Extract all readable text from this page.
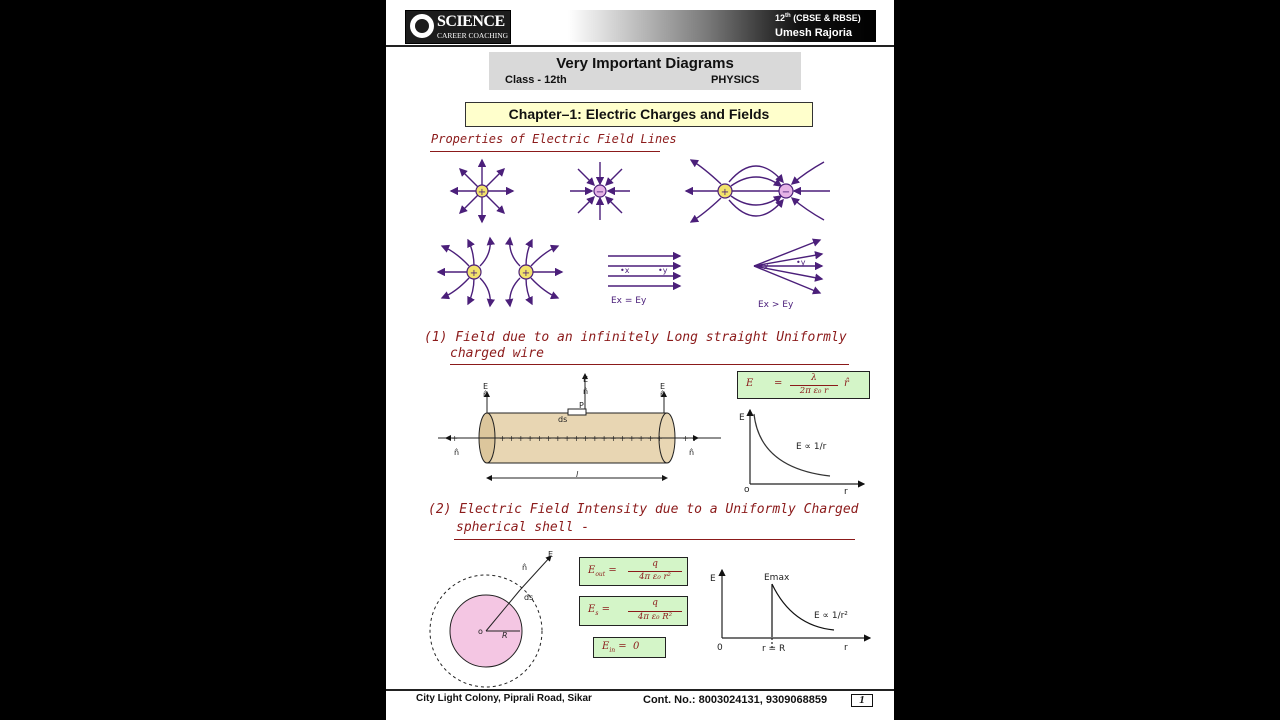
SCIENCE
CAREER COACHING
12th (CBSE & RBSE)
Umesh Rajoria
Very Important Diagrams
Class - 12th	PHYSICS
Chapter–1: Electric Charges and Fields
Properties of Electric Field Lines
+	−	+	−
+	+	•x	•y	•x	•y
- +	+ + + + + + + + + + + + + + + + + + + +
E
n̂
E
n̂
E
n̂
P
ds
n̂	n̂
l
E
o	r
E ∝ 1/r
o R
E
n̂
ds
E
0	r
Emax
r = R
E ∝ 1/r²
Ex = Ey	Ex > Ey
(1) Field due to an infinitely Long straight Uniformly
charged wire
E =	λ
2π ε₀ r
r̂
(2) Electric Field Intensity due to a Uniformly Charged
spherical shell -
$E_{out}$ =
q
4π ε₀ r²
$E_s$ =
q
4π ε₀ R²
$E_{in} = 0$
City Light Colony, Piprali Road, Sikar	Cont. No.: 8003024131, 9309068859	1
